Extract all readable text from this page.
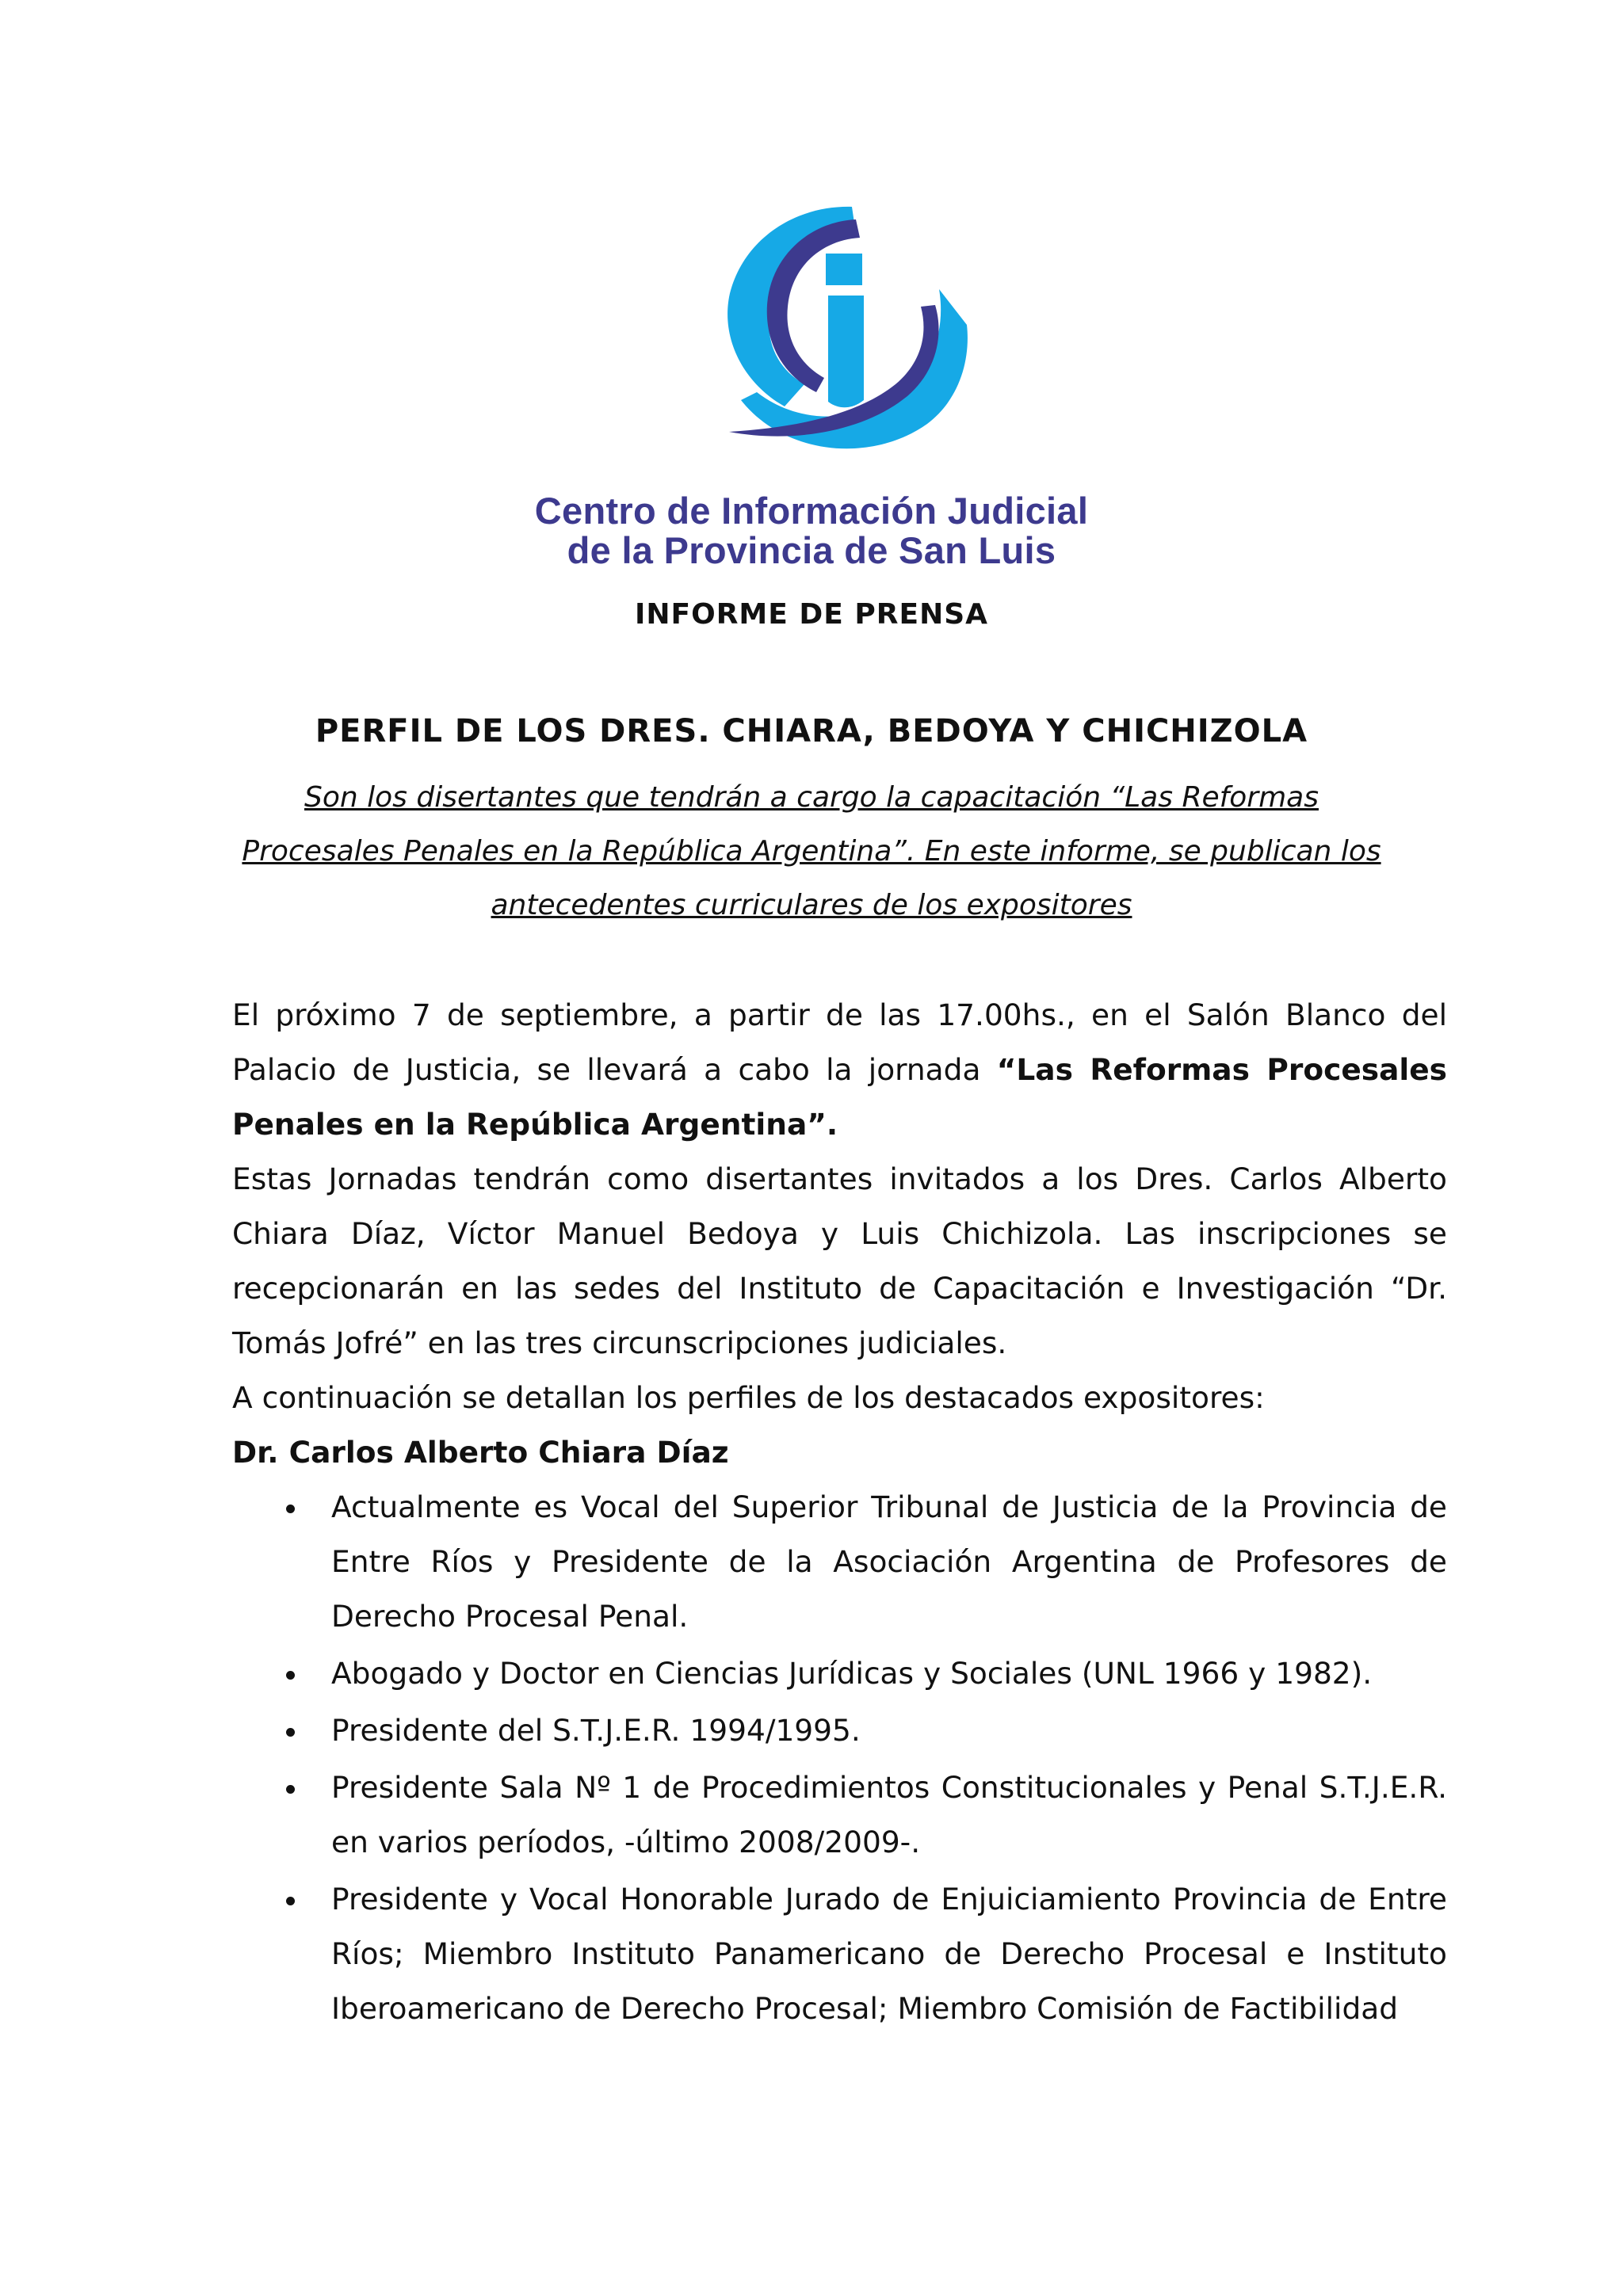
Centro de Información Judicial
de la Provincia de San Luis
INFORME DE PRENSA
PERFIL DE LOS DRES. CHIARA, BEDOYA Y CHICHIZOLA
Son los disertantes que tendrán a cargo la capacitación “Las Reformas Procesales Penales en la República Argentina”. En este informe, se publican los antecedentes curriculares de los expositores

El próximo 7 de septiembre, a partir de las 17.00hs., en el Salón Blanco del Palacio de Justicia, se llevará a cabo la jornada “Las Reformas Procesales Penales en la República Argentina”.

Estas Jornadas tendrán como disertantes invitados a los Dres. Carlos Alberto Chiara Díaz, Víctor Manuel Bedoya y Luis Chichizola. Las inscripciones se recepcionarán en las sedes del Instituto de Capacitación e Investigación “Dr. Tomás Jofré” en las tres circunscripciones judiciales.

A continuación se detallan los perfiles de los destacados expositores:

Dr. Carlos Alberto Chiara Díaz

Actualmente es Vocal del Superior Tribunal de Justicia de la Provincia de Entre Ríos y Presidente de la Asociación Argentina de Profesores de Derecho Procesal Penal.
Abogado y Doctor en Ciencias Jurídicas y Sociales (UNL 1966 y 1982).
Presidente del S.T.J.E.R. 1994/1995.
Presidente Sala Nº 1 de Procedimientos Constitucionales y Penal S.T.J.E.R. en varios períodos, -último 2008/2009-.
Presidente y Vocal Honorable Jurado de Enjuiciamiento Provincia de Entre Ríos; Miembro Instituto Panamericano de Derecho Procesal e Instituto Iberoamericano de Derecho Procesal; Miembro Comisión de Factibilidad
